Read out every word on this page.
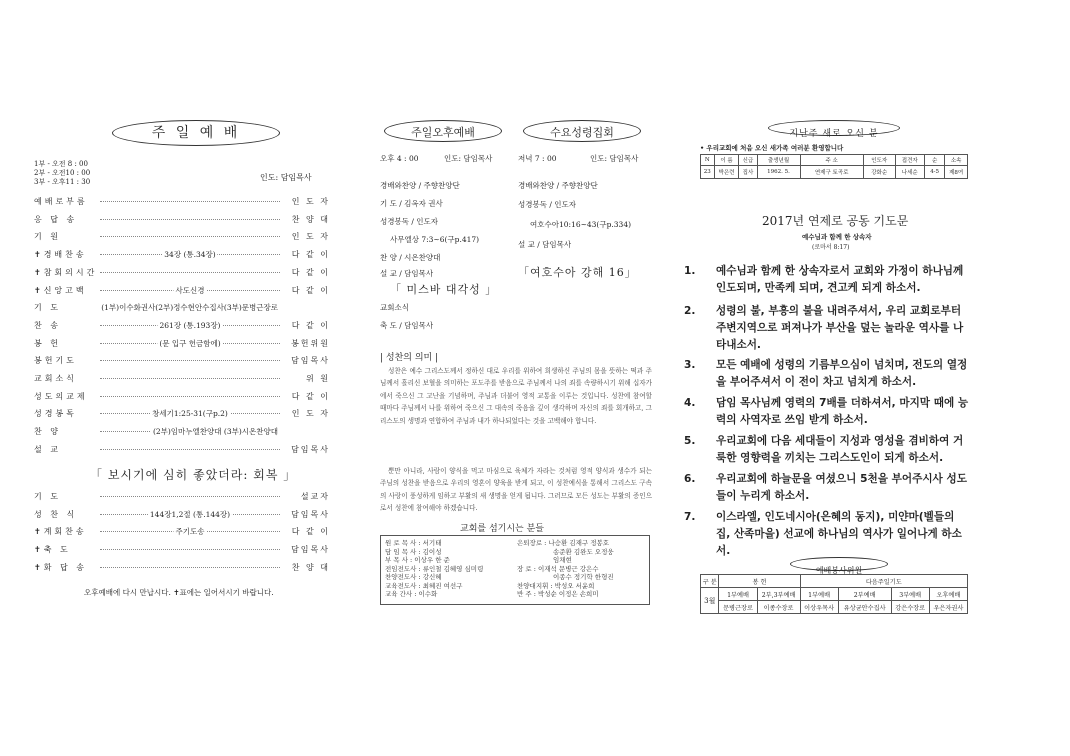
주 일 예 배
1부 - 오전 8 : 00
2부 - 오전10 : 00
3부 - 오후11 : 30	인도: 담임목사
예배로부름	인 도 자
응 답 송	찬 양 대
기 원	인 도 자
✝경배찬송	34장 (통.34장)	다 같 이
✝참회의시간	다 같 이
✝신앙고백	사도신경	다 같 이
기 도	(1부)이수화권사(2부)정수현안수집사(3부)문병근장로
찬 송	261장 (통.193장)	다 같 이
봉 헌	(문 입구 헌금함에)	봉헌위원
봉헌기도	담임목사
교회소식	위 원
성도의교제	다 같 이
성경봉독	창세기1:25-31(구p.2)	인 도 자
찬 양	(2부)임마누엘찬양대 (3부)시온찬양대
설 교	담임목사
「 보시기에 심히 좋았더라: 회복 」
기 도	설교자
성 찬 식	144장1,2절 (통.144장)	담임목사
✝계회찬송	주기도송	다 같 이
✝축 도	담임목사
✝화 답 송	찬 양 대
오후예배에 다시 만납시다. ✝표에는 일어서시기 바랍니다.
주일오후예배	수요성령집회
오후 4 : 00	인도: 담임목사
경배와찬양 / 주향찬양단
기 도 / 김옥자 권사
성경봉독 / 인도자
사무엘상 7:3~6(구p.417)
찬 양 / 시온찬양대
설 교 / 담임목사
「 미스바 대각성 」
교회소식
축 도 / 담임목사
저녁 7 : 00	인도: 담임목사
경배와찬양 / 주향찬양단
성경봉독 / 인도자
여호수아10:16~43(구p.334)
설 교 / 담임목사
「여호수아 강해 16」
| 성찬의 의미 |
성찬은 예수 그리스도께서 정하신 대로 우리를 위하여 희생하신 주님의 몸을 뜻하는 떡과 주님께서 흘리신 보혈을 의미하는 포도주를 받음으로 주님께서 나의 죄를 속량하시기 위해 십자가에서 죽으신 그 고난을 기념하며, 주님과 더불어 영적 교통을 이루는 것입니다. 성찬에 참여할 때마다 주님께서 나를 위하여 죽으신 그 대속의 죽음을 깊이 생각하며 자신의 죄를 회개하고, 그리스도의 생명과 연합하여 주님과 내가 하나되었다는 것을 고백해야 합니다.
뿐만 아니라, 사람이 양식을 먹고 마심으로 육체가 자라는 것처럼 영적 양식과 생수가 되는 주님의 성찬을 받음으로 우리의 영혼이 양육을 받게 되고, 이 성찬예식을 통해서 그리스도 구속의 사랑이 풍성하게 임하고 부활의 새 생명을 얻게 됩니다. 그러므로 모든 성도는 부활의 증인으로서 성찬에 참여해야 하겠습니다.
교회를 섬기시는 분들
원 로 목 사 : 서기태
담 임 목 사 : 김이성
부 목 사 : 이상우 한 준
전임전도사 : 류인철 김혜영 심미령
찬양전도사 : 강신혜
교육전도사 : 최혜진 여선구
교육 간사 : 이수화
은퇴장로 : 나승환 김재구 정봉호
송준환 김완도 오정웅
임채현
장 로 : 이재석 문병근 강은수
이종수 정기학 한형진
찬양대지휘 : 박성오 서윤희
반 주 : 박성순 이정은 손희미
지난주 새로 오신 분
• 우리교회에 처음 오신 새가족 여러분 환영합니다
N	이 름	신급	출생년월	주 소	인도자	접견자	순	소속
23	박은련	집사	1962. 5.	연제구 토곡로	강화순	나세순	4-5	제8여
2017년 연제로 공동 기도문
예수님과 함께 한 상속자
(로마서 8:17)
1. 예수님과 함께 한 상속자로서 교회와 가정이 하나님께 인도되며, 만족케 되며, 견고케 되게 하소서.
2. 성령의 불, 부흥의 불을 내려주셔서, 우리 교회로부터 주변지역으로 퍼져나가 부산을 덮는 놀라운 역사를 나타내소서.
3. 모든 예배에 성령의 기름부으심이 넘치며, 전도의 열정을 부어주셔서 이 전이 차고 넘치게 하소서.
4. 담임 목사님께 영력의 7배를 더하셔서, 마지막 때에 능력의 사역자로 쓰임 받게 하소서.
5. 우리교회에 다음 세대들이 지성과 영성을 겸비하여 거룩한 영향력을 끼치는 그리스도인이 되게 하소서.
6. 우리교회에 하늘문을 여셨으니 5천을 부어주시사 성도들이 누리게 하소서.
7. 이스라엘, 인도네시아(은혜의 동지), 미얀마(벨들의 집, 산족마을) 선교에 하나님의 역사가 일어나게 하소서.
예배봉사위원
구 분	봉 헌		다음주일기도			
3월	1부예배	2부,3부예배	1부예배	2부예배	3부예배	오후예배
	문병근장로	이종수장로	이상우목사	유상균안수집사	강은수장로	우은자권사
